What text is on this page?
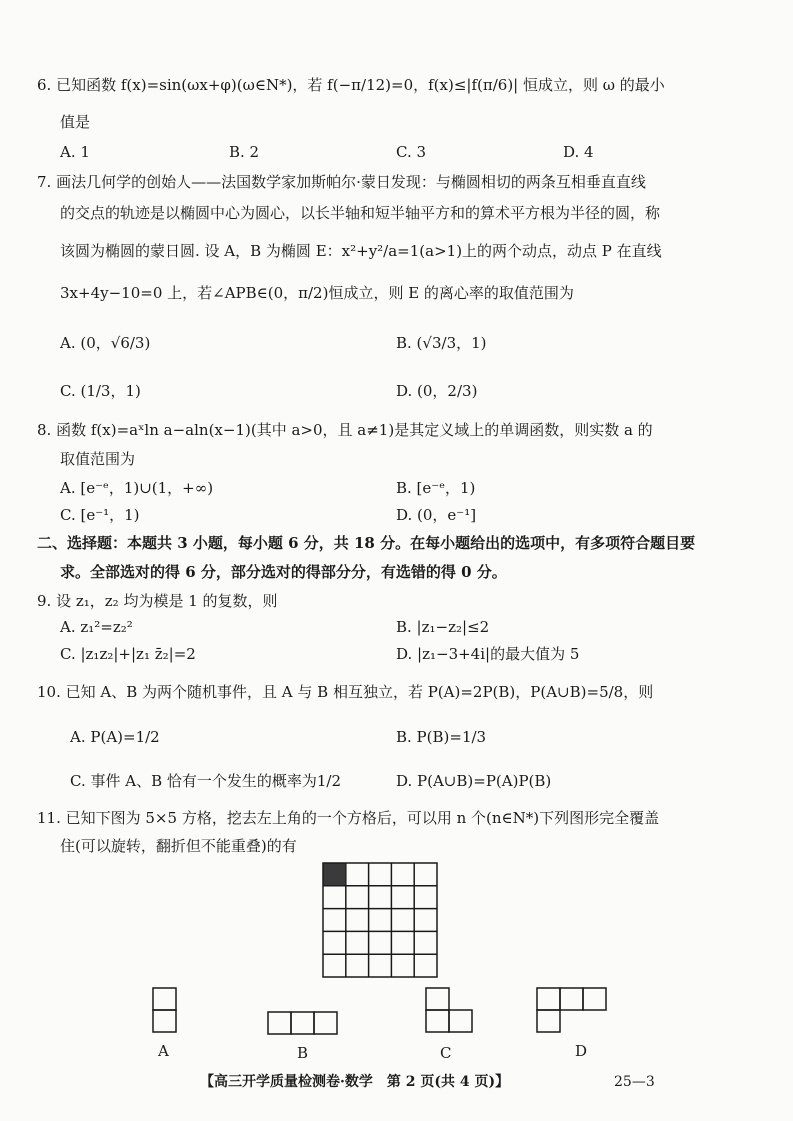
6. 已知函数 f(x)=sin(ωx+φ)(ω∈N*)，若 f(−π/12)=0，f(x)≤|f(π/6)| 恒成立，则 ω 的最小
值是
A. 1	B. 2	C. 3	D. 4
7. 画法几何学的创始人——法国数学家加斯帕尔·蒙日发现：与椭圆相切的两条互相垂直直线
的交点的轨迹是以椭圆中心为圆心，以长半轴和短半轴平方和的算术平方根为半径的圆，称
该圆为椭圆的蒙日圆. 设 A，B 为椭圆 E：x²+y²/a=1(a>1)上的两个动点，动点 P 在直线
3x+4y−10=0 上，若∠APB∈(0，π/2)恒成立，则 E 的离心率的取值范围为
A. (0，√6/3)	B. (√3/3，1)
C. (1/3，1)	D. (0，2/3)
8. 函数 f(x)=aˣln a−aln(x−1)(其中 a>0，且 a≠1)是其定义域上的单调函数，则实数 a 的
取值范围为
A. [e⁻ᵉ，1)∪(1，+∞)	B. [e⁻ᵉ，1)
C. [e⁻¹，1)	D. (0，e⁻¹]
二、选择题：本题共 3 小题，每小题 6 分，共 18 分。在每小题给出的选项中，有多项符合题目要
求。全部选对的得 6 分，部分选对的得部分分，有选错的得 0 分。
9. 设 z₁，z₂ 均为模是 1 的复数，则
A. z₁²=z₂²	B. |z₁−z₂|≤2
C. |z₁z₂|+|z₁ z̄₂|=2	D. |z₁−3+4i|的最大值为 5
10. 已知 A、B 为两个随机事件，且 A 与 B 相互独立，若 P(A)=2P(B)，P(A∪B)=5/8，则
A. P(A)=1/2	B. P(B)=1/3
C. 事件 A、B 恰有一个发生的概率为1/2	D. P(A∪B)=P(A)P(B)
11. 已知下图为 5×5 方格，挖去左上角的一个方格后，可以用 n 个(n∈N*)下列图形完全覆盖
住(可以旋转，翻折但不能重叠)的有
A	B	C	D
【高三开学质量检测卷·数学　第 2 页(共 4 页)】	25—3
